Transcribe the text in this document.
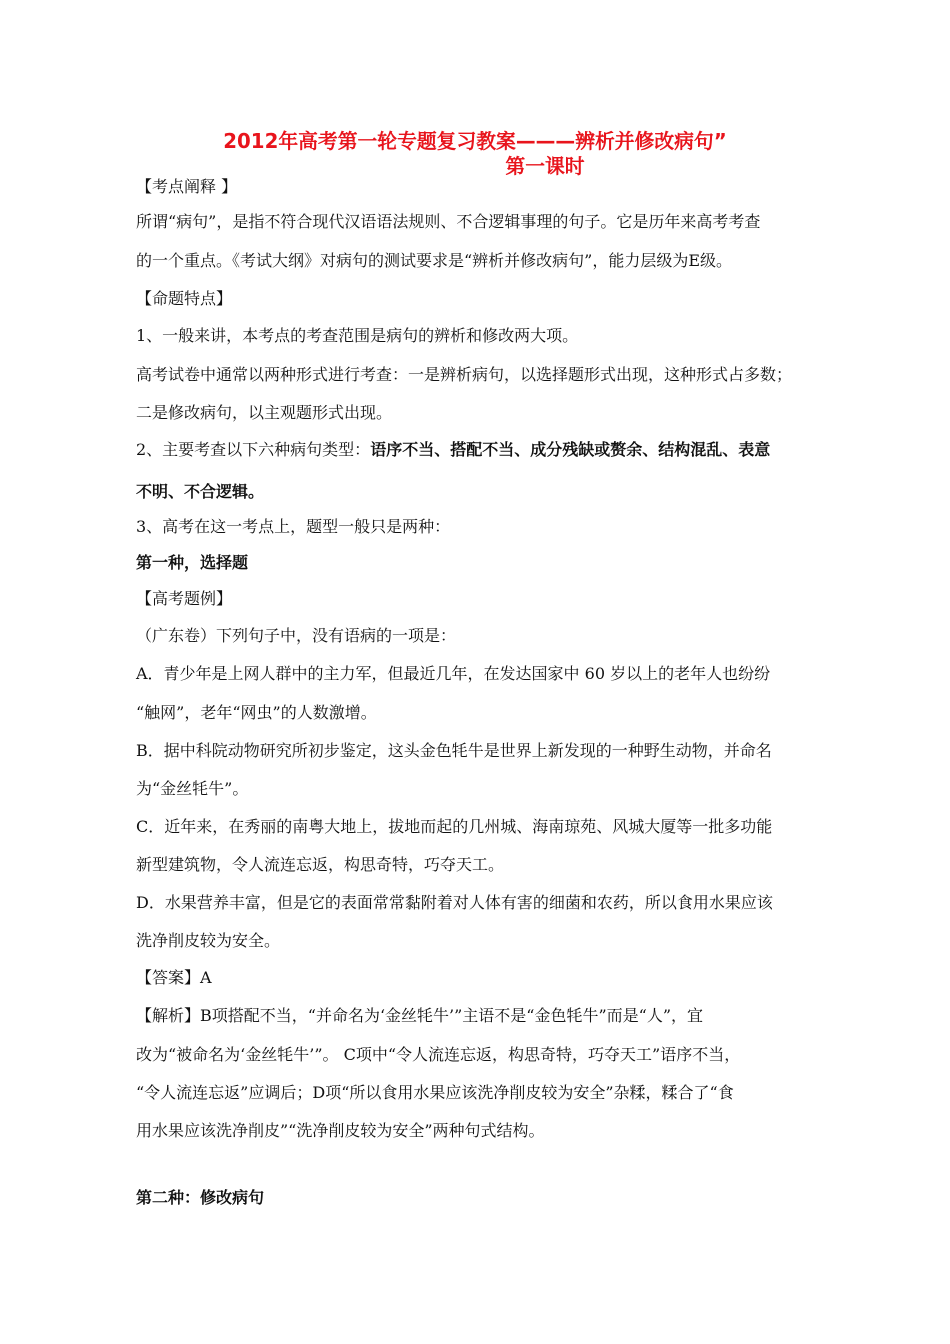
2012年高考第一轮专题复习教案———辨析并修改病句”
第一课时
【考点阐释 】
所谓“病句”，是指不符合现代汉语语法规则、不合逻辑事理的句子。它是历年来高考考查
的一个重点。《考试大纲》对病句的测试要求是“辨析并修改病句”，能力层级为E级。
【命题特点】
1、一般来讲，本考点的考查范围是病句的辨析和修改两大项。
高考试卷中通常以两种形式进行考查：一是辨析病句，以选择题形式出现，这种形式占多数；
二是修改病句，以主观题形式出现。
2、主要考查以下六种病句类型：语序不当、搭配不当、成分残缺或赘余、结构混乱、表意
不明、不合逻辑。
3、高考在这一考点上，题型一般只是两种：
第一种，选择题
【高考题例】
（广东卷）下列句子中，没有语病的一项是：
A．青少年是上网人群中的主力军，但最近几年，在发达国家中 60 岁以上的老年人也纷纷
“触网”，老年“网虫”的人数激增。
B．据中科院动物研究所初步鉴定，这头金色牦牛是世界上新发现的一种野生动物，并命名
为“金丝牦牛”。
C．近年来，在秀丽的南粤大地上，拔地而起的几州城、海南琼苑、风城大厦等一批多功能
新型建筑物，令人流连忘返，构思奇特，巧夺天工。
D．水果营养丰富，但是它的表面常常黏附着对人体有害的细菌和农药，所以食用水果应该
洗净削皮较为安全。
【答案】A
【解析】B项搭配不当，“并命名为‘金丝牦牛’”主语不是“金色牦牛”而是“人”，宜
改为“被命名为‘金丝牦牛’”。 C项中“令人流连忘返，构思奇特，巧夺天工”语序不当，
“令人流连忘返”应调后；D项“所以食用水果应该洗净削皮较为安全”杂糅，糅合了“食
用水果应该洗净削皮”“洗净削皮较为安全”两种句式结构。
第二种：修改病句
